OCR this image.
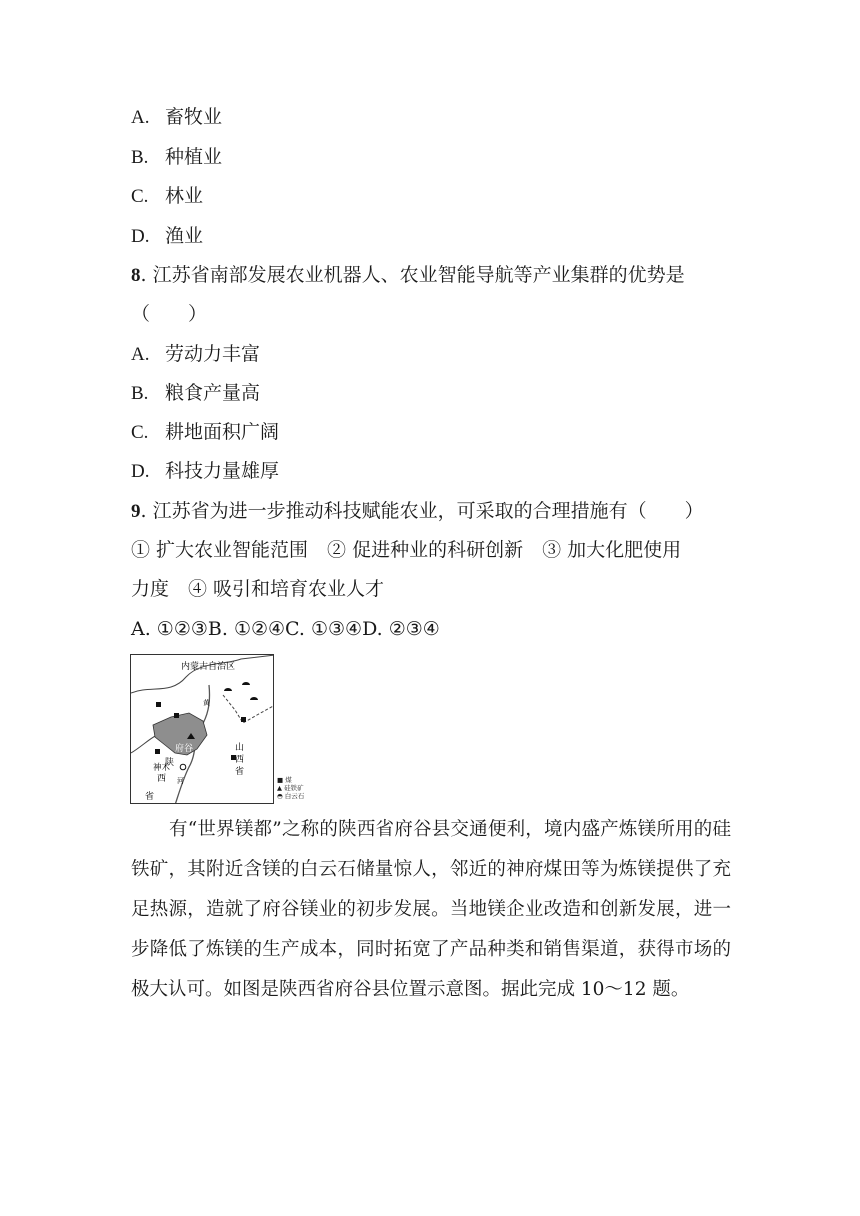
A. 畜牧业
B. 种植业
C. 林业
D. 渔业
8. 江苏省南部发展农业机器人、农业智能导航等产业集群的优势是
（　　）
A. 劳动力丰富
B. 粮食产量高
C. 耕地面积广阔
D. 科技力量雄厚
9. 江苏省为进一步推动科技赋能农业，可采取的合理措施有（　　）
① 扩大农业智能范围　② 促进种业的科研创新　③ 加大化肥使用
力度　④ 吸引和培育农业人才
A. ①②③B. ①②④C. ①③④D. ②③④
内蒙古自治区
府谷
陕
西
省
神木
山
西
省
黄
河	■ 煤
▲ 硅铁矿
◓ 白云石
有“世界镁都”之称的陕西省府谷县交通便利，境内盛产炼镁所用的硅铁矿，其附近含镁的白云石储量惊人，邻近的神府煤田等为炼镁提供了充足热源，造就了府谷镁业的初步发展。当地镁企业改造和创新发展，进一步降低了炼镁的生产成本，同时拓宽了产品种类和销售渠道，获得市场的极大认可。如图是陕西省府谷县位置示意图。据此完成 10～12 题。
